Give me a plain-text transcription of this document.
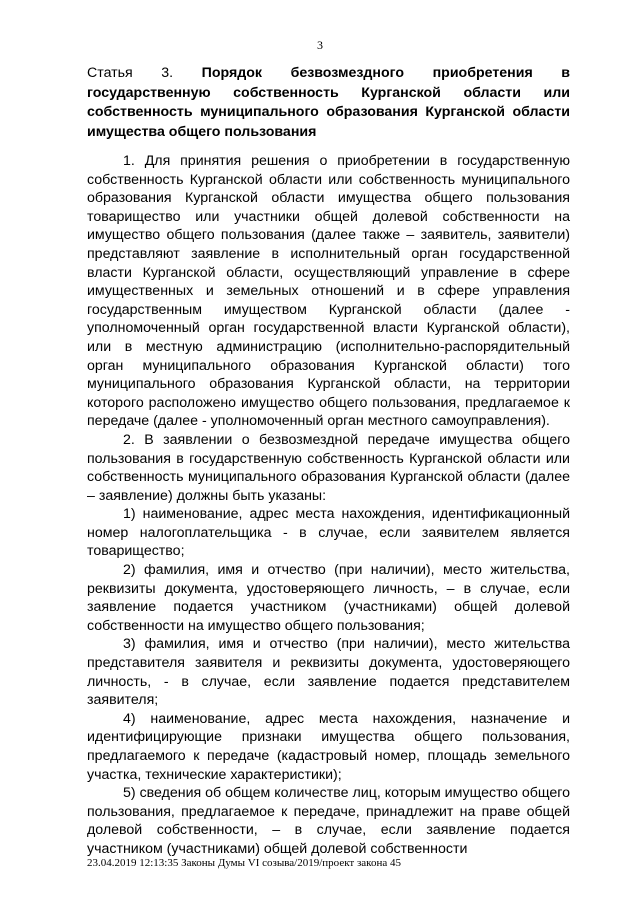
3
Статья 3. Порядок безвозмездного приобретения в государственную собственность Курганской области или собственность муниципального образования Курганской области имущества общего пользования

1. Для принятия решения о приобретении в государственную собственность Курганской области или собственность муниципального образования Курганской области имущества общего пользования товарищество или участники общей долевой собственности на имущество общего пользования (далее также – заявитель, заявители) представляют заявление в исполнительный орган государственной власти Курганской области, осуществляющий управление в сфере имущественных и земельных отношений и в сфере управления государственным имуществом Курганской области (далее - уполномоченный орган государственной власти Курганской области), или в местную администрацию (исполнительно-распорядительный орган муниципального образования Курганской области) того муниципального образования Курганской области, на территории которого расположено имущество общего пользования, предлагаемое к передаче (далее - уполномоченный орган местного самоуправления).

2. В заявлении о безвозмездной передаче имущества общего пользования в государственную собственность Курганской области или собственность муниципального образования Курганской области (далее – заявление) должны быть указаны:

1) наименование, адрес места нахождения, идентификационный номер налогоплательщика - в случае, если заявителем является товарищество;

2) фамилия, имя и отчество (при наличии), место жительства, реквизиты документа, удостоверяющего личность, – в случае, если заявление подается участником (участниками) общей долевой собственности на имущество общего пользования;

3) фамилия, имя и отчество (при наличии), место жительства представителя заявителя и реквизиты документа, удостоверяющего личность, - в случае, если заявление подается представителем заявителя;

4) наименование, адрес места нахождения, назначение и идентифицирующие признаки имущества общего пользования, предлагаемого к передаче (кадастровый номер, площадь земельного участка, технические характеристики);

5) сведения об общем количестве лиц, которым имущество общего пользования, предлагаемое к передаче, принадлежит на праве общей долевой собственности, – в случае, если заявление подается участником (участниками) общей долевой собственности

23.04.2019 12:13:35 Законы Думы VI созыва/2019/проект закона 45
